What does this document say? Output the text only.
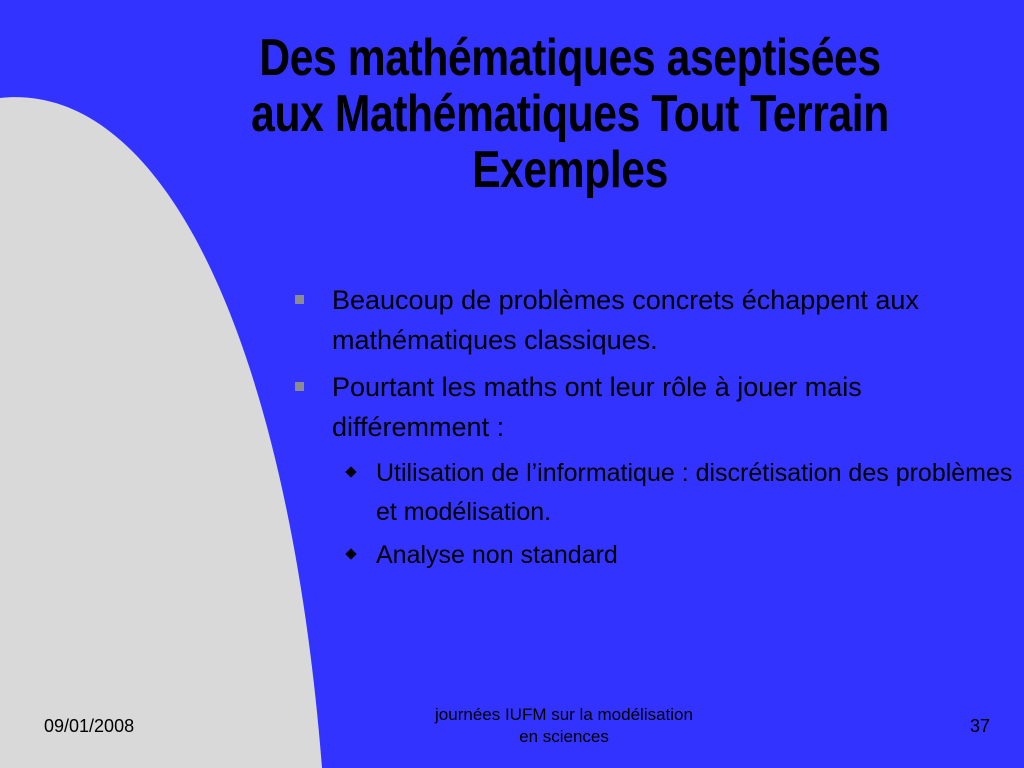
Des mathématiques aseptisées
aux Mathématiques Tout Terrain
Exemples
Beaucoup de problèmes concrets échappent aux mathématiques classiques.
Pourtant les maths ont leur rôle à jouer mais différemment :
Utilisation de l’informatique : discrétisation des problèmes et modélisation.
Analyse non standard
09/01/2008
journées IUFM sur la modélisation
en sciences
37
